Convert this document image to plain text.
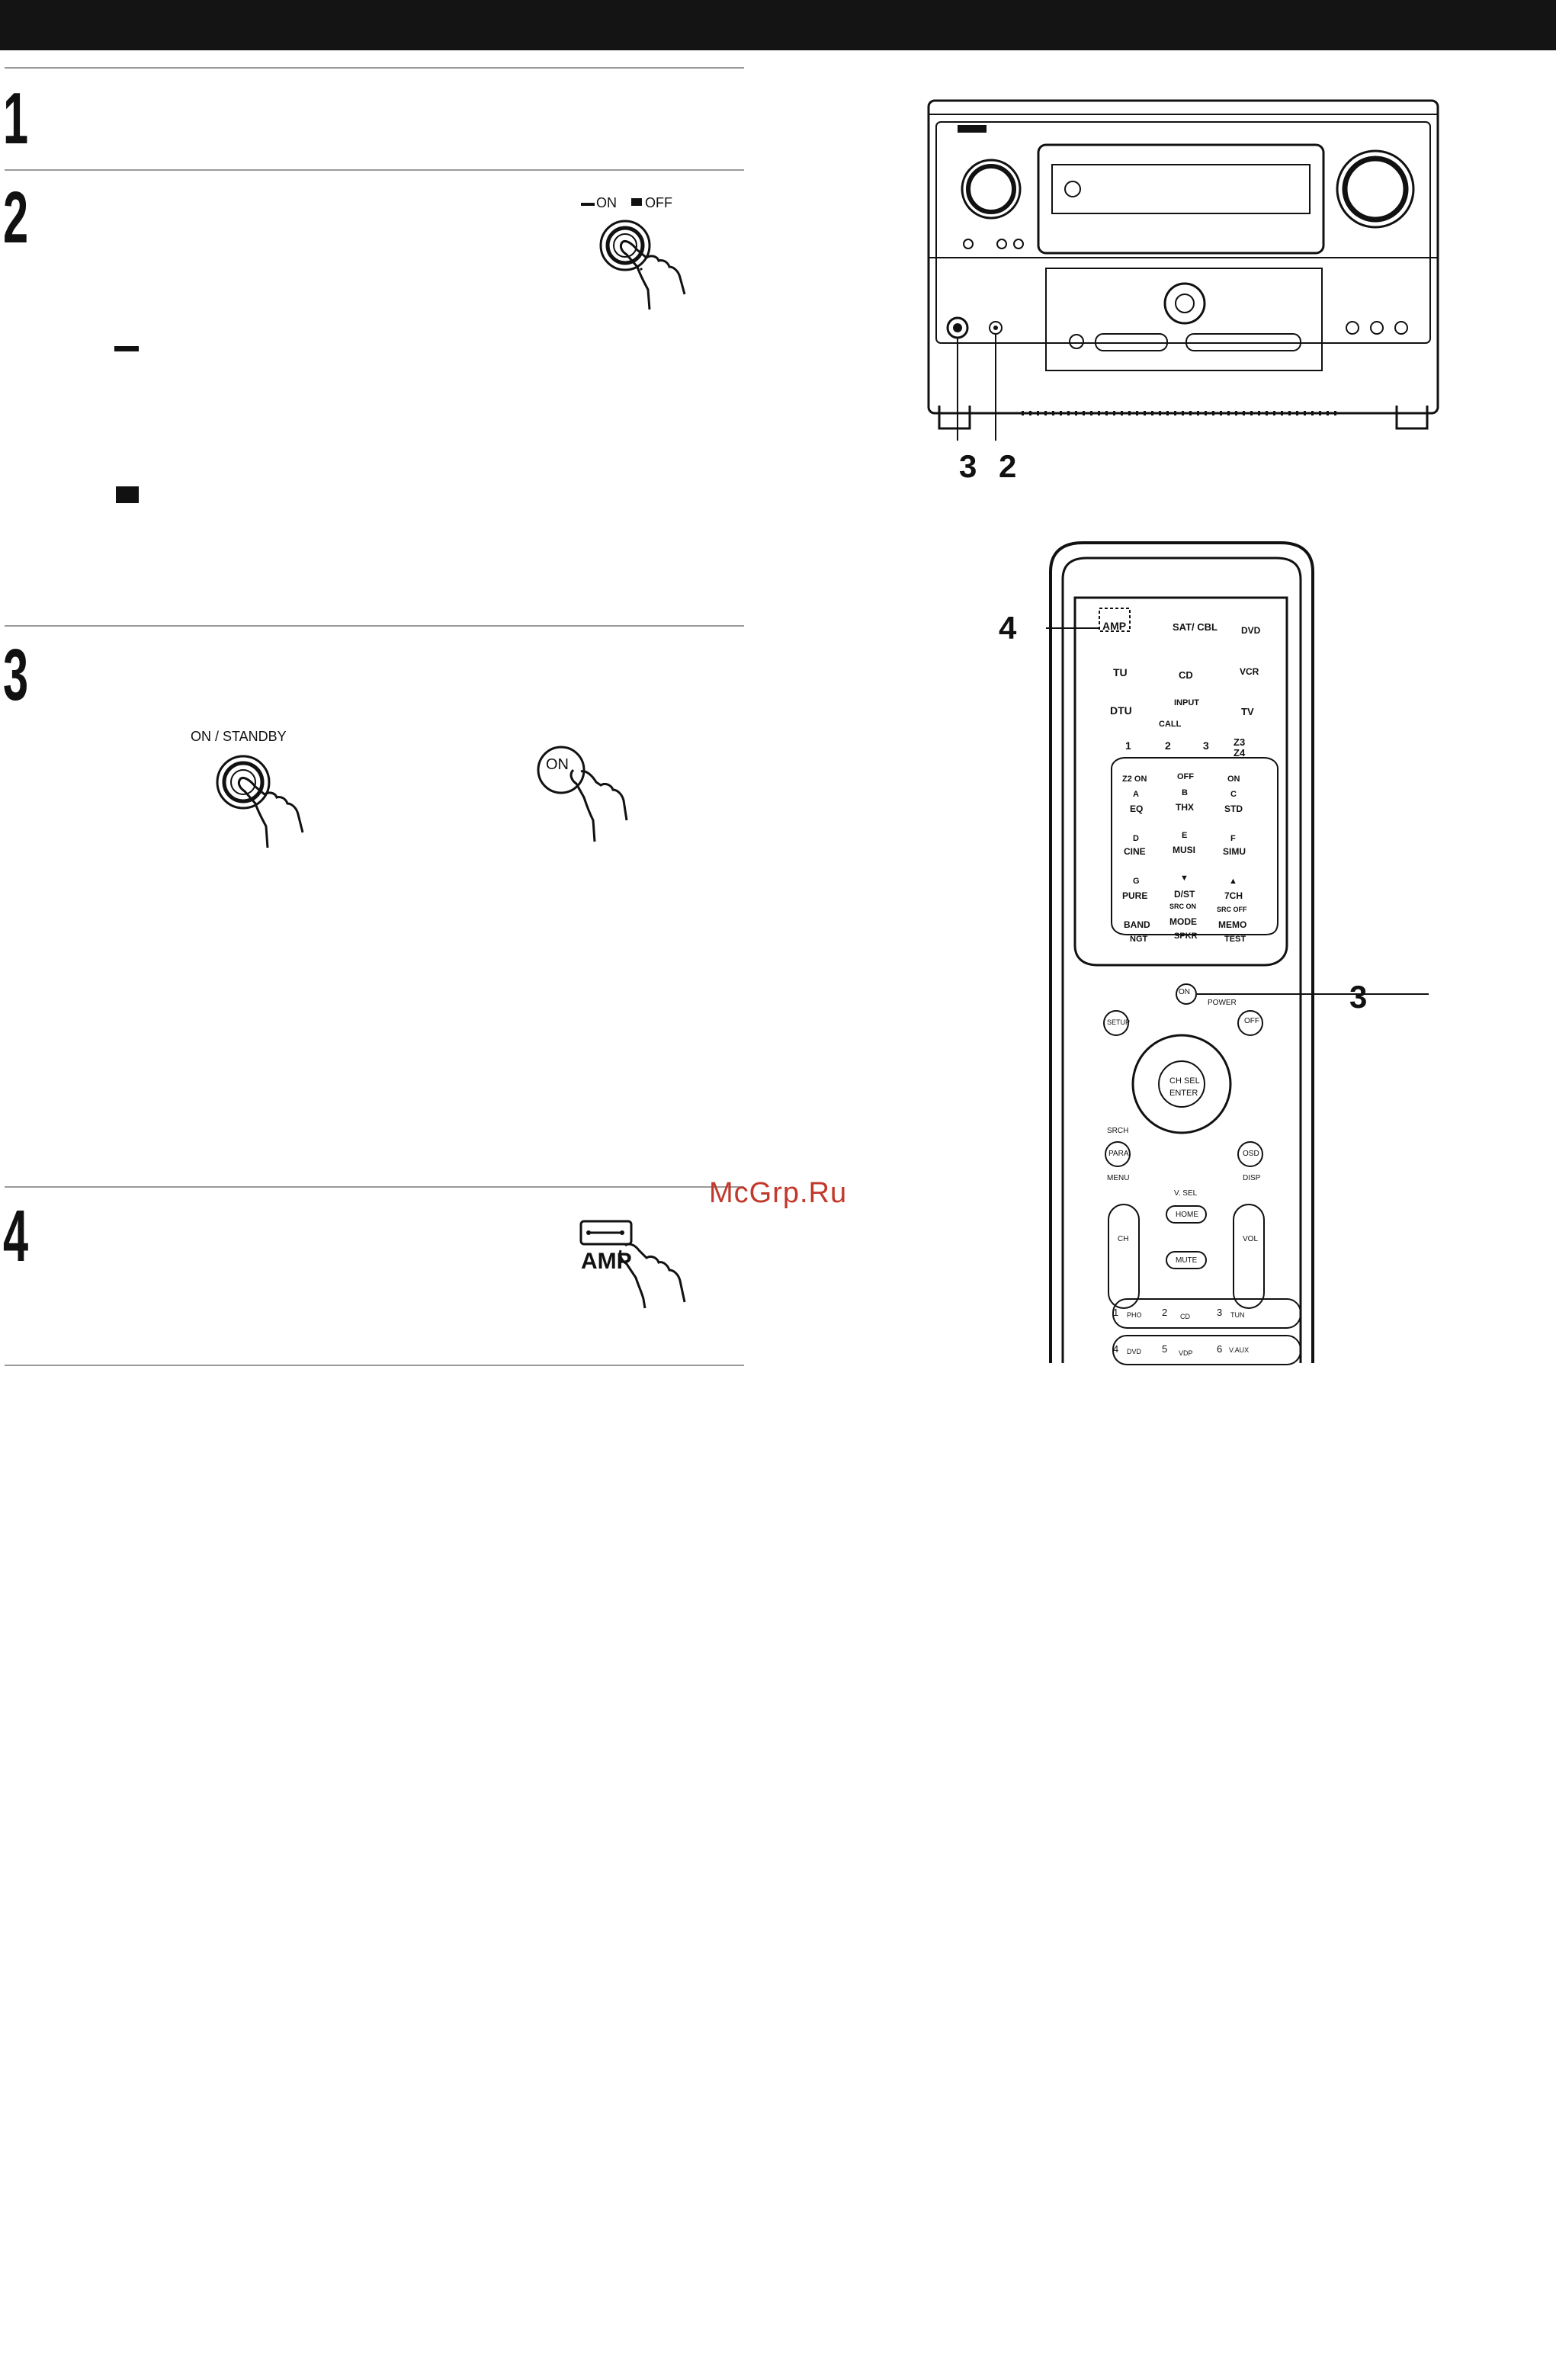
1
2
3
4
ON OFF
ON / STANDBY
ON
AMP
3 2
4
3
AMP	SAT/ CBL	DVD
TU	CD	VCR
DTU
INPUT
TV
CALL
Z3
Z4
1	2	3
Z2 ON	OFF	ON
A	B	C
EQ	THX	STD
D	E	F
CINE	MUSI	SIMU
G	▼	▲
PURE	D/ST	7CH
SRC ON	SRC OFF
BAND MODE MEMO
NGT	SPKR	TEST
ON
POWER
SETUP	OFF
CH SEL
ENTER
SRCH
PARA	OSD
MENU	DISP
V. SEL
HOME
MUTE
CH	VOL
1 PHO 2 CD	3 TUN
4 DVD 5 VDP 6 V.AUX
McGrp.Ru
